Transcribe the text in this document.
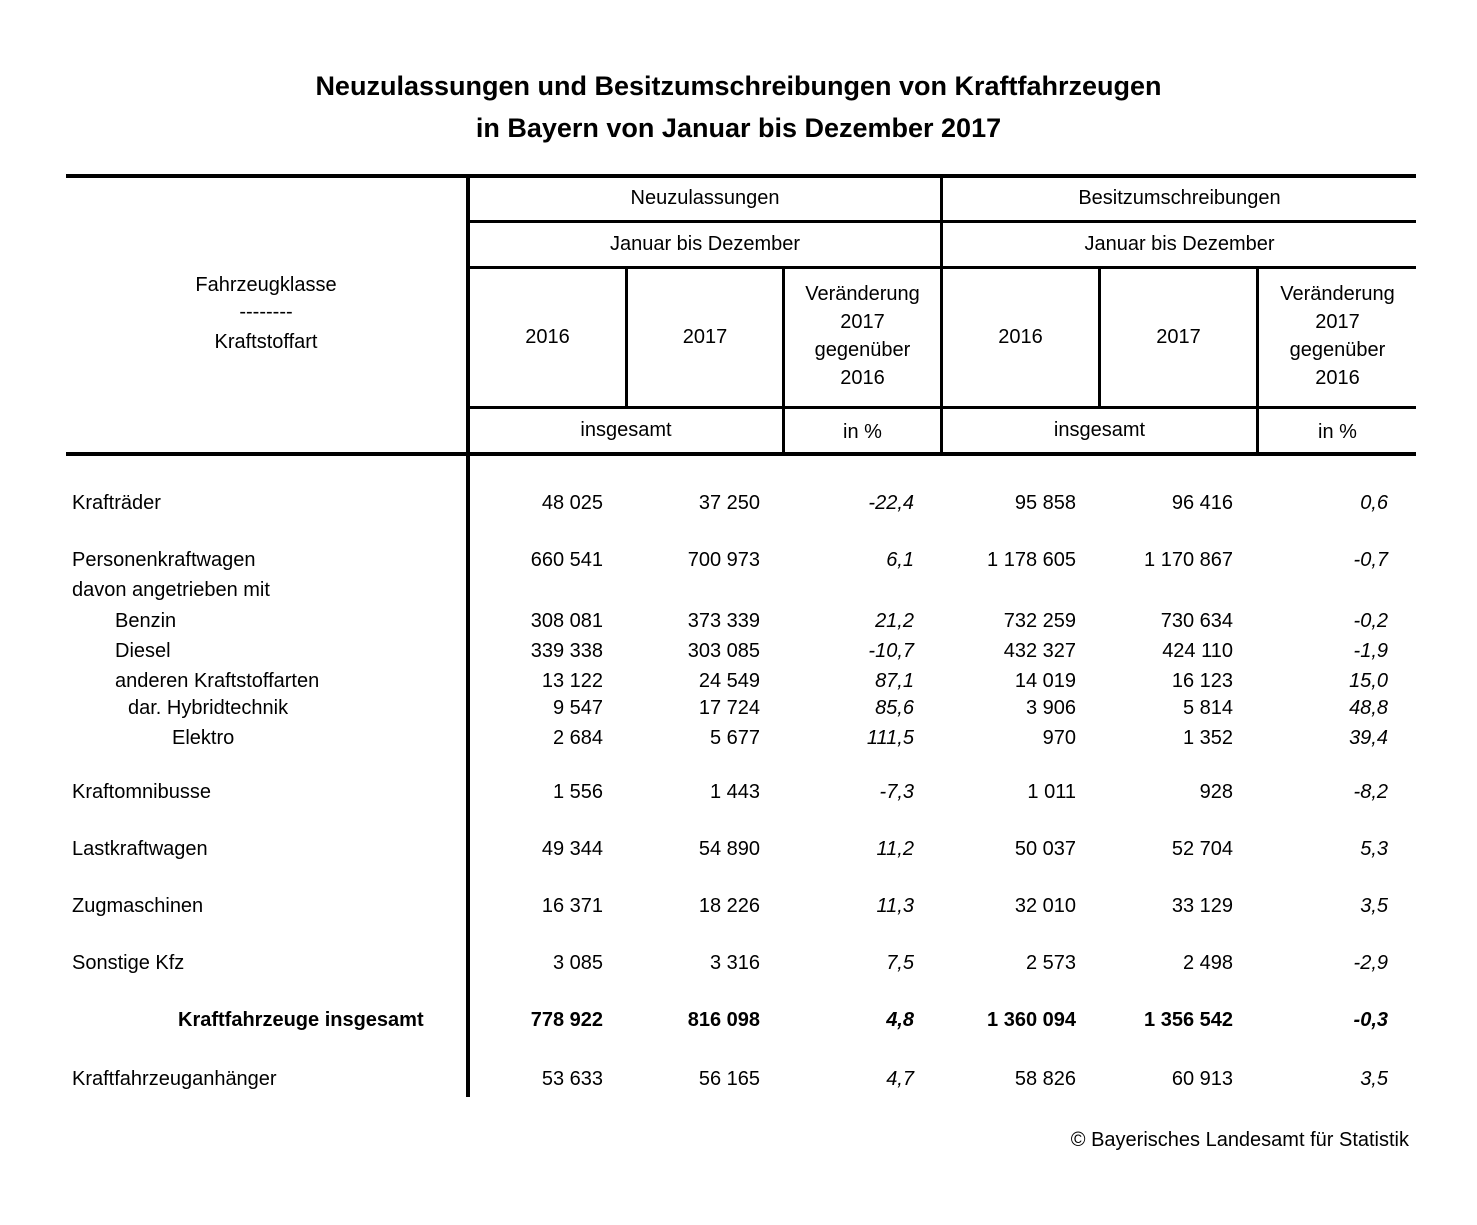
Neuzulassungen und Besitzumschreibungen von Kraftfahrzeugen
in Bayern von Januar bis Dezember 2017
Fahrzeugklasse
--------
Kraftstoffart
Neuzulassungen
Januar bis Dezember
2016	2017
Veränderung
2017
gegenüber
2016
insgesamt	in %
Besitzumschreibungen
Januar bis Dezember
2016	2017
Veränderung
2017
gegenüber
2016
insgesamt	in %
Krafträder	48 025	37 250	-22,4	95 858	96 416	0,6
Personenkraftwagen	660 541	700 973	6,1	1 178 605	1 170 867	-0,7
davon angetrieben mit
Benzin	308 081	373 339	21,2	732 259	730 634	-0,2
Diesel	339 338	303 085	-10,7	432 327	424 110	-1,9
anderen Kraftstoffarten	13 122	24 549	87,1	14 019	16 123	15,0
dar. Hybridtechnik	9 547	17 724	85,6	3 906	5 814	48,8
Elektro	2 684	5 677	111,5	970	1 352	39,4
Kraftomnibusse	1 556	1 443	-7,3	1 011	928	-8,2
Lastkraftwagen	49 344	54 890	11,2	50 037	52 704	5,3
Zugmaschinen	16 371	18 226	11,3	32 010	33 129	3,5
Sonstige Kfz	3 085	3 316	7,5	2 573	2 498	-2,9
Kraftfahrzeuge insgesamt	778 922	816 098	4,8	1 360 094	1 356 542	-0,3
Kraftfahrzeuganhänger	53 633	56 165	4,7	58 826	60 913	3,5
© Bayerisches Landesamt für Statistik
